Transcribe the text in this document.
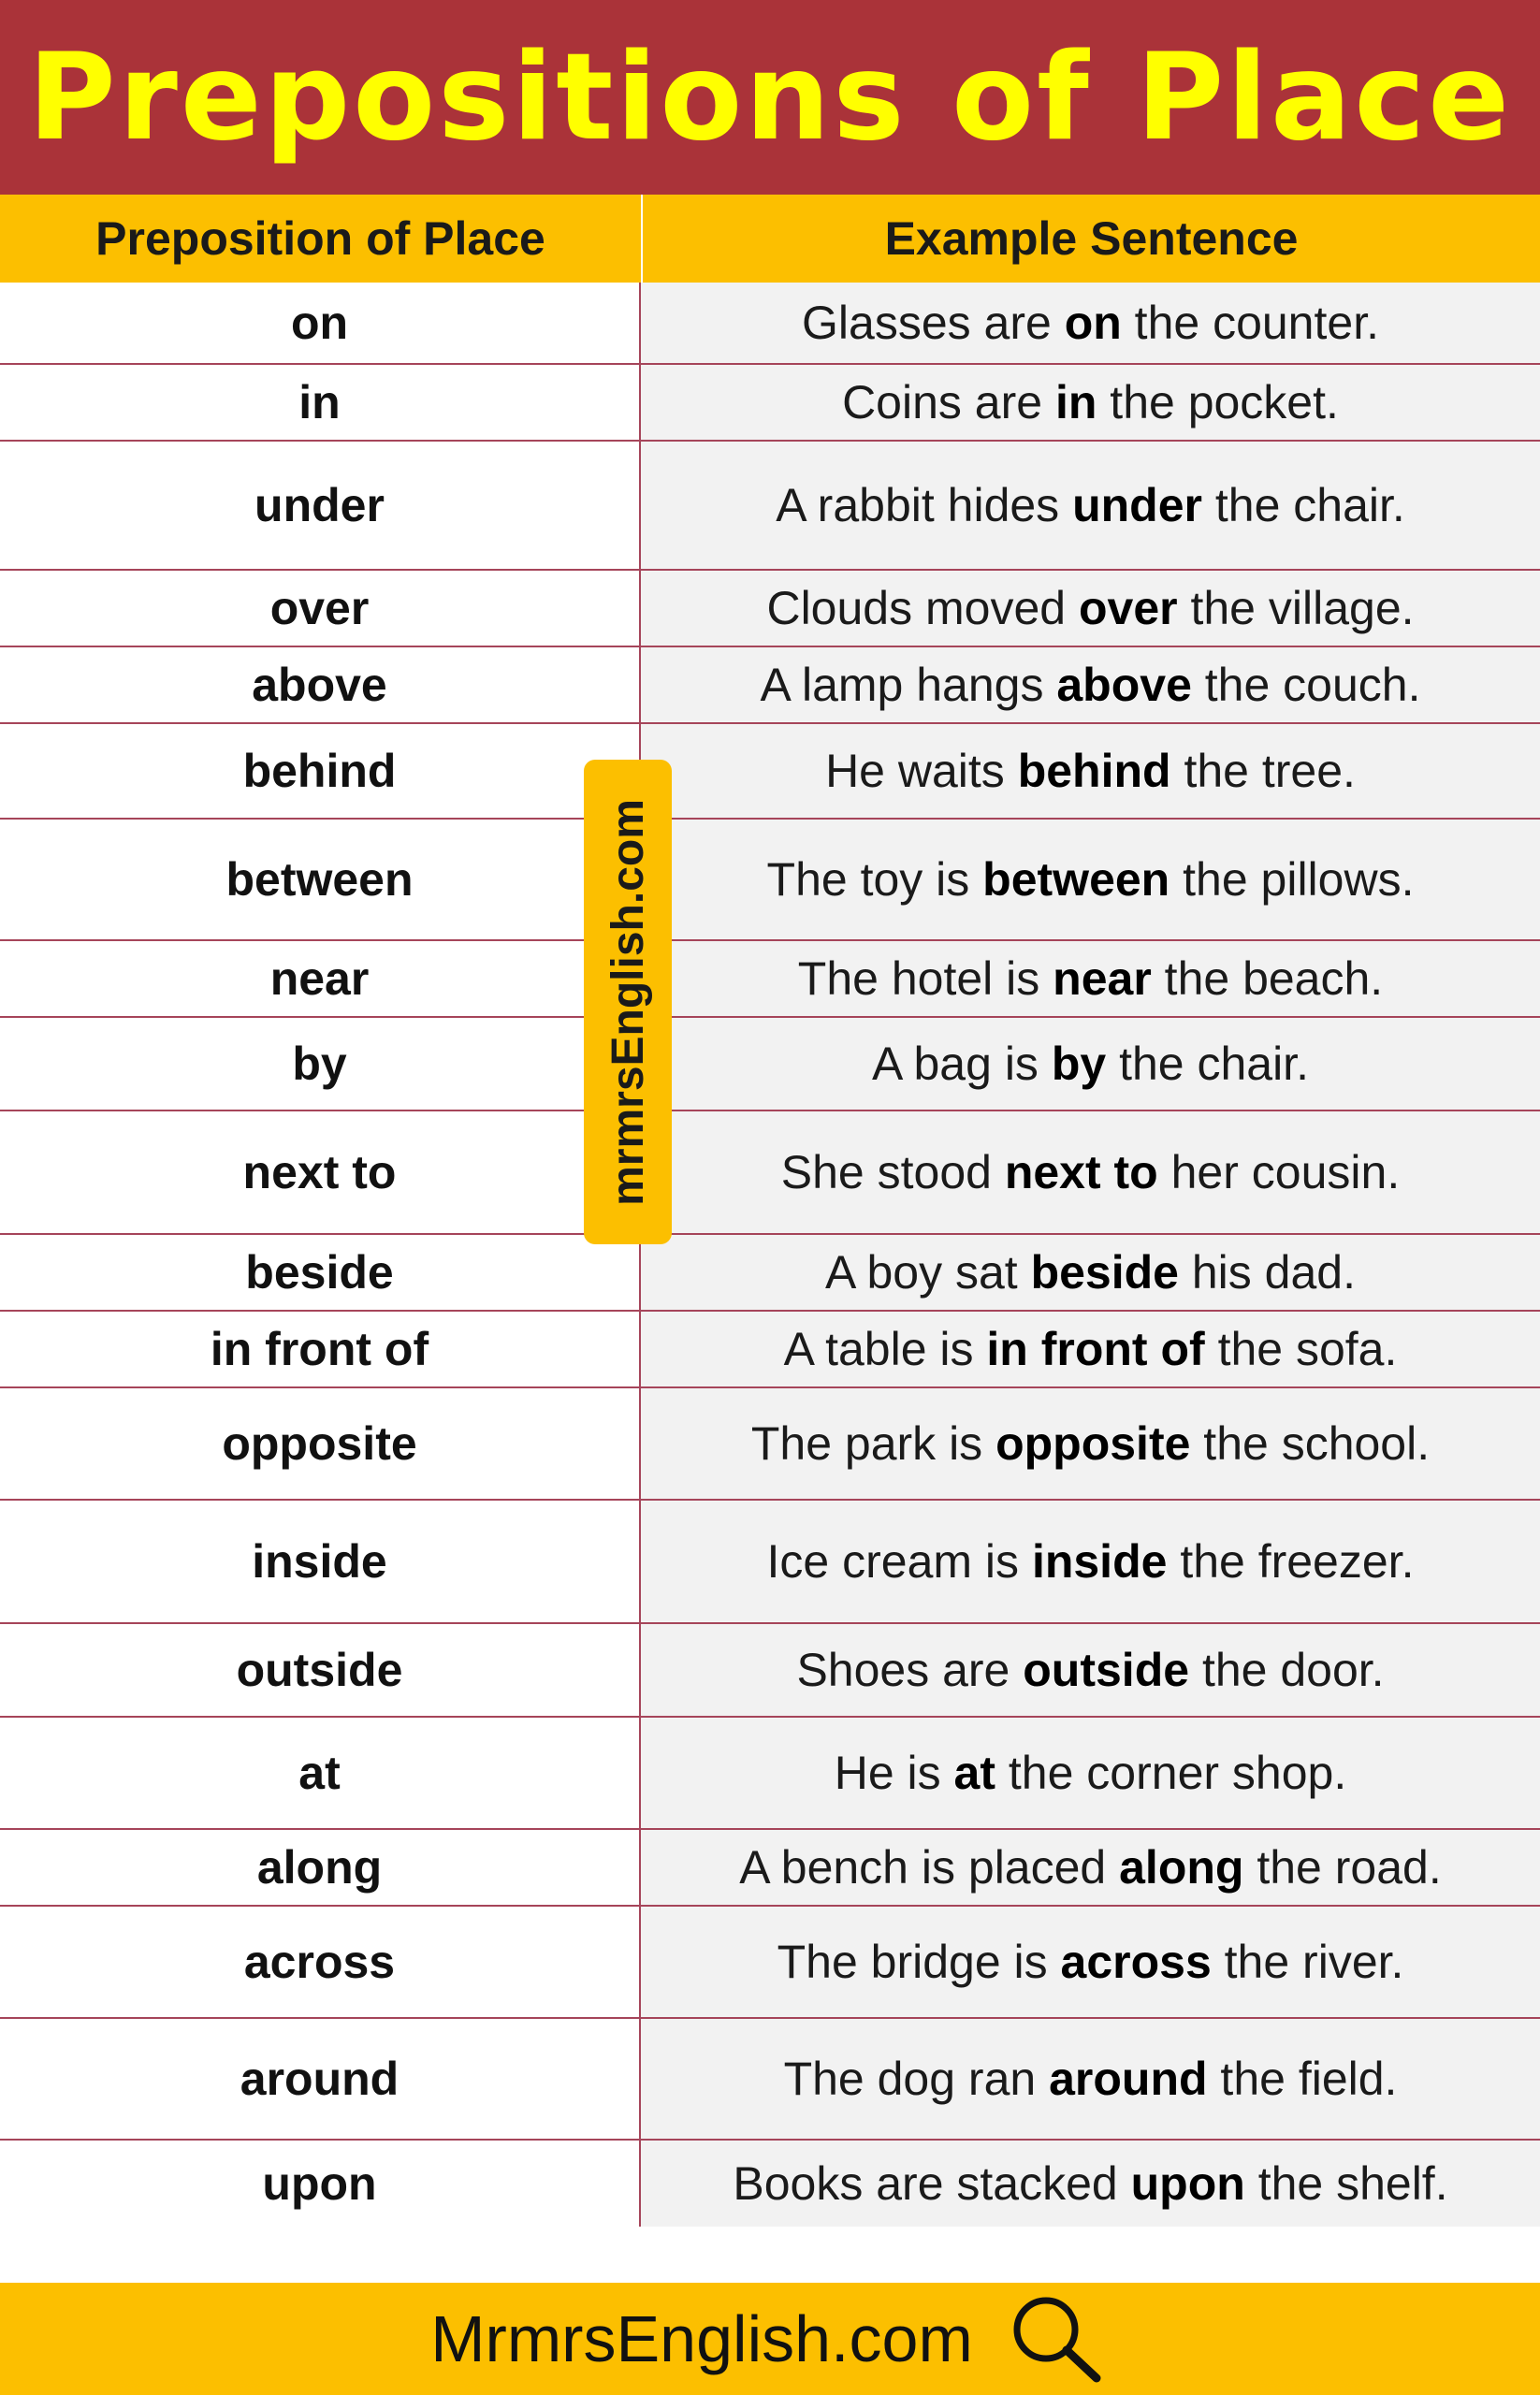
Prepositions of Place
Preposition of Place	Example Sentence
on	Glasses are on the counter.
in	Coins are in the pocket.
under	A rabbit hides under the chair.
over	Clouds moved over the village.
above	A lamp hangs above the couch.
behind	He waits behind the tree.
between	The toy is between the pillows.
near	The hotel is near the beach.
by	A bag is by the chair.
next to	She stood next to her cousin.
beside	A boy sat beside his dad.
in front of	A table is in front of the sofa.
opposite	The park is opposite the school.
inside	Ice cream is inside the freezer.
outside	Shoes are outside the door.
at	He is at the corner shop.
along	A bench is placed along the road.
across	The bridge is across the river.
around	The dog ran around the field.
upon	Books are stacked upon the shelf.
mrmrsEnglish.com
MrmrsEnglish.com
